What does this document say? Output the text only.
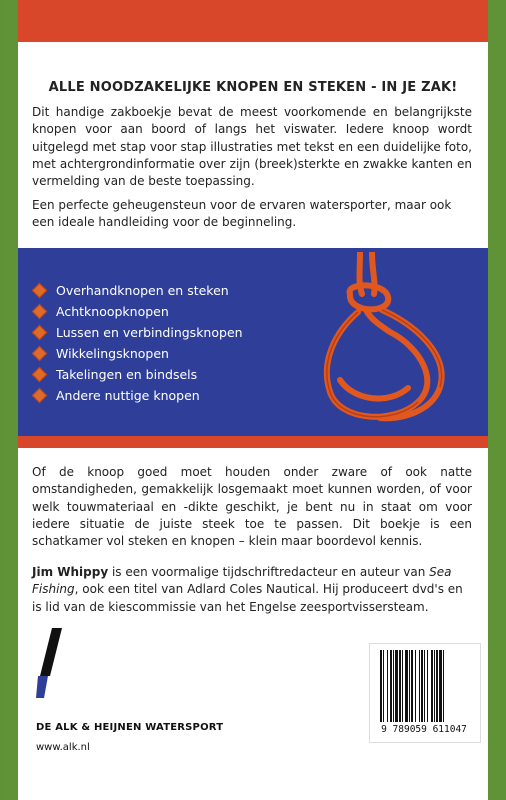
ALLE NOODZAKELIJKE KNOPEN EN STEKEN - IN JE ZAK!

Dit handige zakboekje bevat de meest voorkomende en belangrijkste knopen voor aan boord of langs het viswater. Iedere knoop wordt uitgelegd met stap voor stap illustraties met tekst en een duidelijke foto, met achtergrondinformatie over zijn (breek)sterkte en zwakke kanten en vermelding van de beste toepassing.

Een perfecte geheugensteun voor de ervaren watersporter, maar ook een ideale handleiding voor de beginneling.

Overhandknopen en steken
Achtknoopknopen
Lussen en verbindingsknopen
Wikkelingsknopen
Takelingen en bindsels
Andere nuttige knopen

Of de knoop goed moet houden onder zware of ook natte omstandigheden, gemakkelijk losgemaakt moet kunnen worden, of voor welk touwmateriaal en -dikte geschikt, je bent nu in staat om voor iedere situatie de juiste steek toe te passen. Dit boekje is een schatkamer vol steken en knopen – klein maar boordevol kennis.

Jim Whippy is een voormalige tijdschriftredacteur en auteur van Sea Fishing, ook een titel van Adlard Coles Nautical. Hij produceert dvd's en is lid van de kiescommissie van het Engelse zeesportvissersteam.

DE ALK & HEIJNEN WATERSPORT
www.alk.nl
9 789059 611047
